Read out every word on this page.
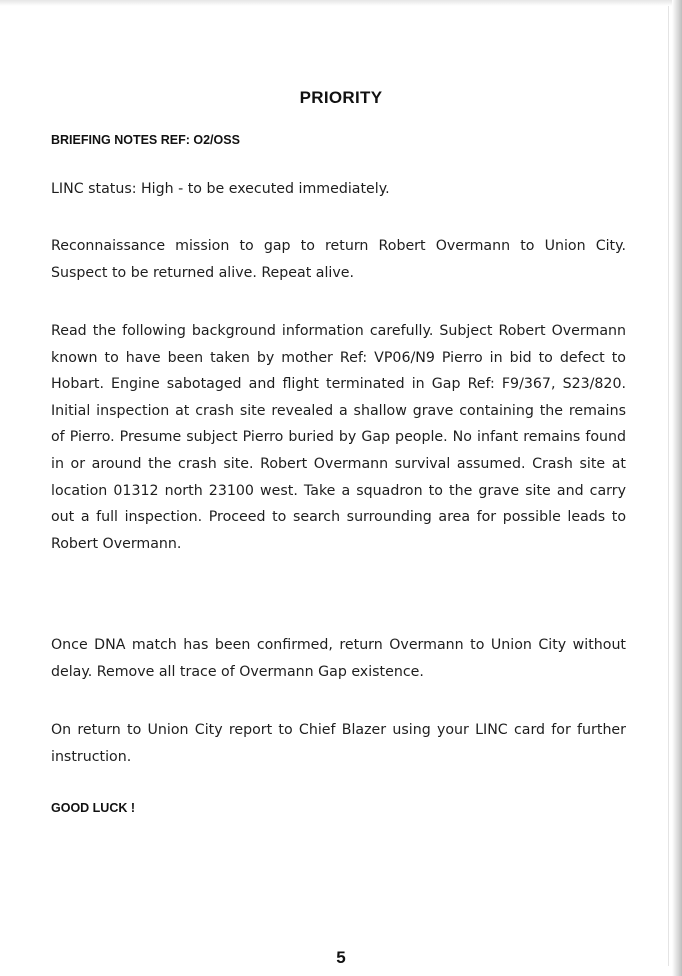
PRIORITY
BRIEFING NOTES REF: O2/OSS

LINC status: High - to be executed immediately.

Reconnaissance mission to gap to return Robert Overmann to Union City. Suspect to be returned alive. Repeat alive.

Read the following background information carefully. Subject Robert Overmann known to have been taken by mother Ref: VP06/N9 Pierro in bid to defect to Hobart. Engine sabotaged and flight terminated in Gap Ref: F9/367, S23/820. Initial inspection at crash site revealed a shallow grave containing the remains of Pierro. Presume subject Pierro buried by Gap people. No infant remains found in or around the crash site. Robert Overmann survival assumed. Crash site at location 01312 north 23100 west. Take a squadron to the grave site and carry out a full inspection. Proceed to search surrounding area for possible leads to Robert Overmann.

Once DNA match has been confirmed, return Overmann to Union City without delay. Remove all trace of Overmann Gap existence.

On return to Union City report to Chief Blazer using your LINC card for further instruction.

GOOD LUCK !
5
